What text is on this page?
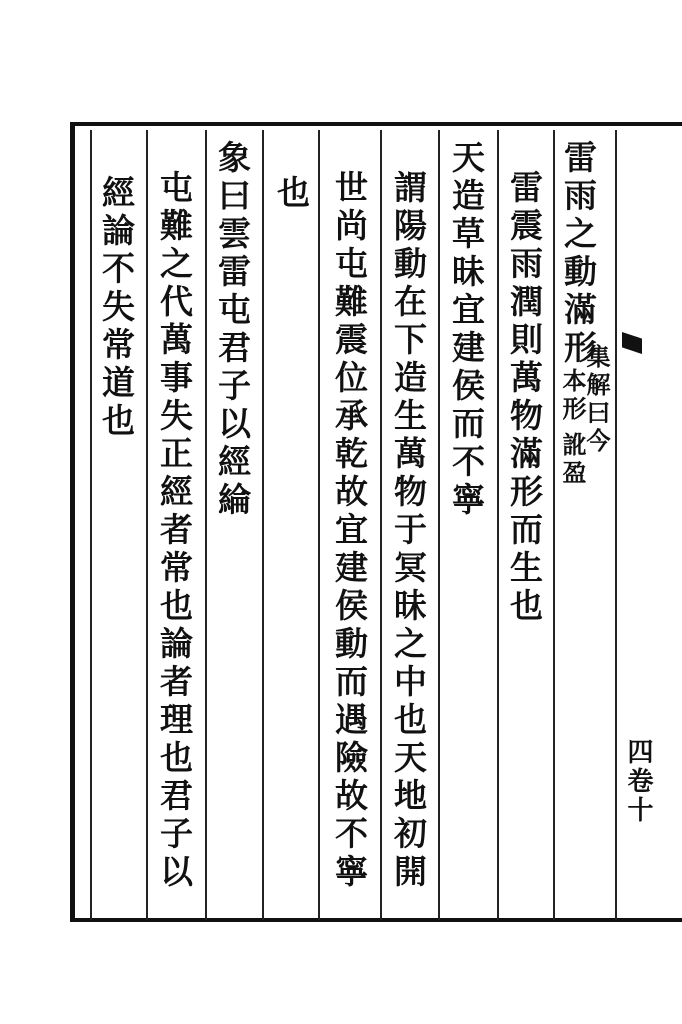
四卷十
雷雨之動滿形
本形
集解曰今
訛盈
雷震雨潤則萬物滿形而生也
天造草昧宜建侯而不寧
謂陽動在下造生萬物于冥昧之中也天地初開
世尚屯難震位承乾故宜建侯動而遇險故不寧
也
象曰雲雷屯君子以經綸
屯難之代萬事失正經者常也論者理也君子以
經論不失常道也
